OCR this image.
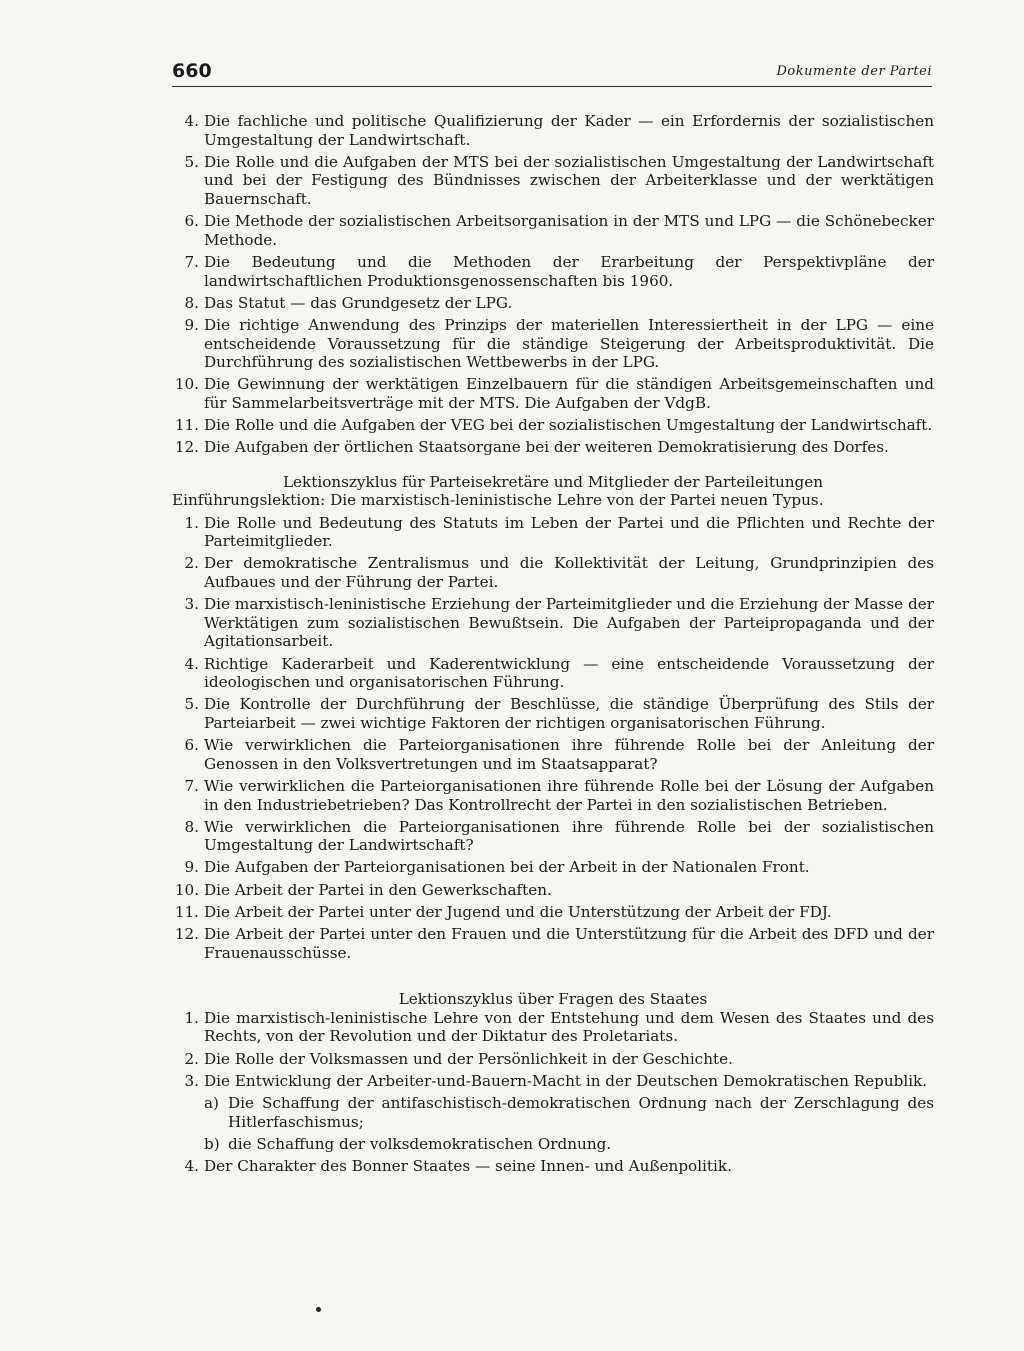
660	Dokumente der Partei
4. Die fachliche und politische Qualifizierung der Kader — ein Erfordernis der sozialistischen Umgestaltung der Landwirtschaft.
5. Die Rolle und die Aufgaben der MTS bei der sozialistischen Umgestaltung der Landwirtschaft und bei der Festigung des Bündnisses zwischen der Arbeiterklasse und der werktätigen Bauernschaft.
6. Die Methode der sozialistischen Arbeitsorganisation in der MTS und LPG — die Schönebecker Methode.
7. Die Bedeutung und die Methoden der Erarbeitung der Perspektivpläne der landwirtschaftlichen Produktionsgenossenschaften bis 1960.
8. Das Statut — das Grundgesetz der LPG.
9. Die richtige Anwendung des Prinzips der materiellen Interessiertheit in der LPG — eine entscheidende Voraussetzung für die ständige Steigerung der Arbeitsproduktivität. Die Durchführung des sozialistischen Wettbewerbs in der LPG.
10. Die Gewinnung der werktätigen Einzelbauern für die ständigen Arbeitsgemeinschaften und für Sammelarbeitsverträge mit der MTS. Die Aufgaben der VdgB.
11. Die Rolle und die Aufgaben der VEG bei der sozialistischen Umgestaltung der Landwirtschaft.
12. Die Aufgaben der örtlichen Staatsorgane bei der weiteren Demokratisierung des Dorfes.
Lektionszyklus für Parteisekretäre und Mitglieder der Parteileitungen
Einführungslektion: Die marxistisch-leninistische Lehre von der Partei neuen Typus.
1. Die Rolle und Bedeutung des Statuts im Leben der Partei und die Pflichten und Rechte der Parteimitglieder.
2. Der demokratische Zentralismus und die Kollektivität der Leitung, Grundprinzipien des Aufbaues und der Führung der Partei.
3. Die marxistisch-leninistische Erziehung der Parteimitglieder und die Erziehung der Masse der Werktätigen zum sozialistischen Bewußtsein. Die Aufgaben der Parteipropaganda und der Agitationsarbeit.
4. Richtige Kaderarbeit und Kaderentwicklung — eine entscheidende Voraussetzung der ideologischen und organisatorischen Führung.
5. Die Kontrolle der Durchführung der Beschlüsse, die ständige Überprüfung des Stils der Parteiarbeit — zwei wichtige Faktoren der richtigen organisatorischen Führung.
6. Wie verwirklichen die Parteiorganisationen ihre führende Rolle bei der Anleitung der Genossen in den Volksvertretungen und im Staatsapparat?
7. Wie verwirklichen die Parteiorganisationen ihre führende Rolle bei der Lösung der Aufgaben in den Industriebetrieben? Das Kontrollrecht der Partei in den sozialistischen Betrieben.
8. Wie verwirklichen die Parteiorganisationen ihre führende Rolle bei der sozialistischen Umgestaltung der Landwirtschaft?
9. Die Aufgaben der Parteiorganisationen bei der Arbeit in der Nationalen Front.
10. Die Arbeit der Partei in den Gewerkschaften.
11. Die Arbeit der Partei unter der Jugend und die Unterstützung der Arbeit der FDJ.
12. Die Arbeit der Partei unter den Frauen und die Unterstützung für die Arbeit des DFD und der Frauenausschüsse.
Lektionszyklus über Fragen des Staates
1. Die marxistisch-leninistische Lehre von der Entstehung und dem Wesen des Staates und des Rechts, von der Revolution und der Diktatur des Proletariats.
2. Die Rolle der Volksmassen und der Persönlichkeit in der Geschichte.
3. Die Entwicklung der Arbeiter-und-Bauern-Macht in der Deutschen Demokratischen Republik.
a) Die Schaffung der antifaschistisch-demokratischen Ordnung nach der Zerschlagung des Hitlerfaschismus;
b) die Schaffung der volksdemokratischen Ordnung.
4. Der Charakter des Bonner Staates — seine Innen- und Außenpolitik.
